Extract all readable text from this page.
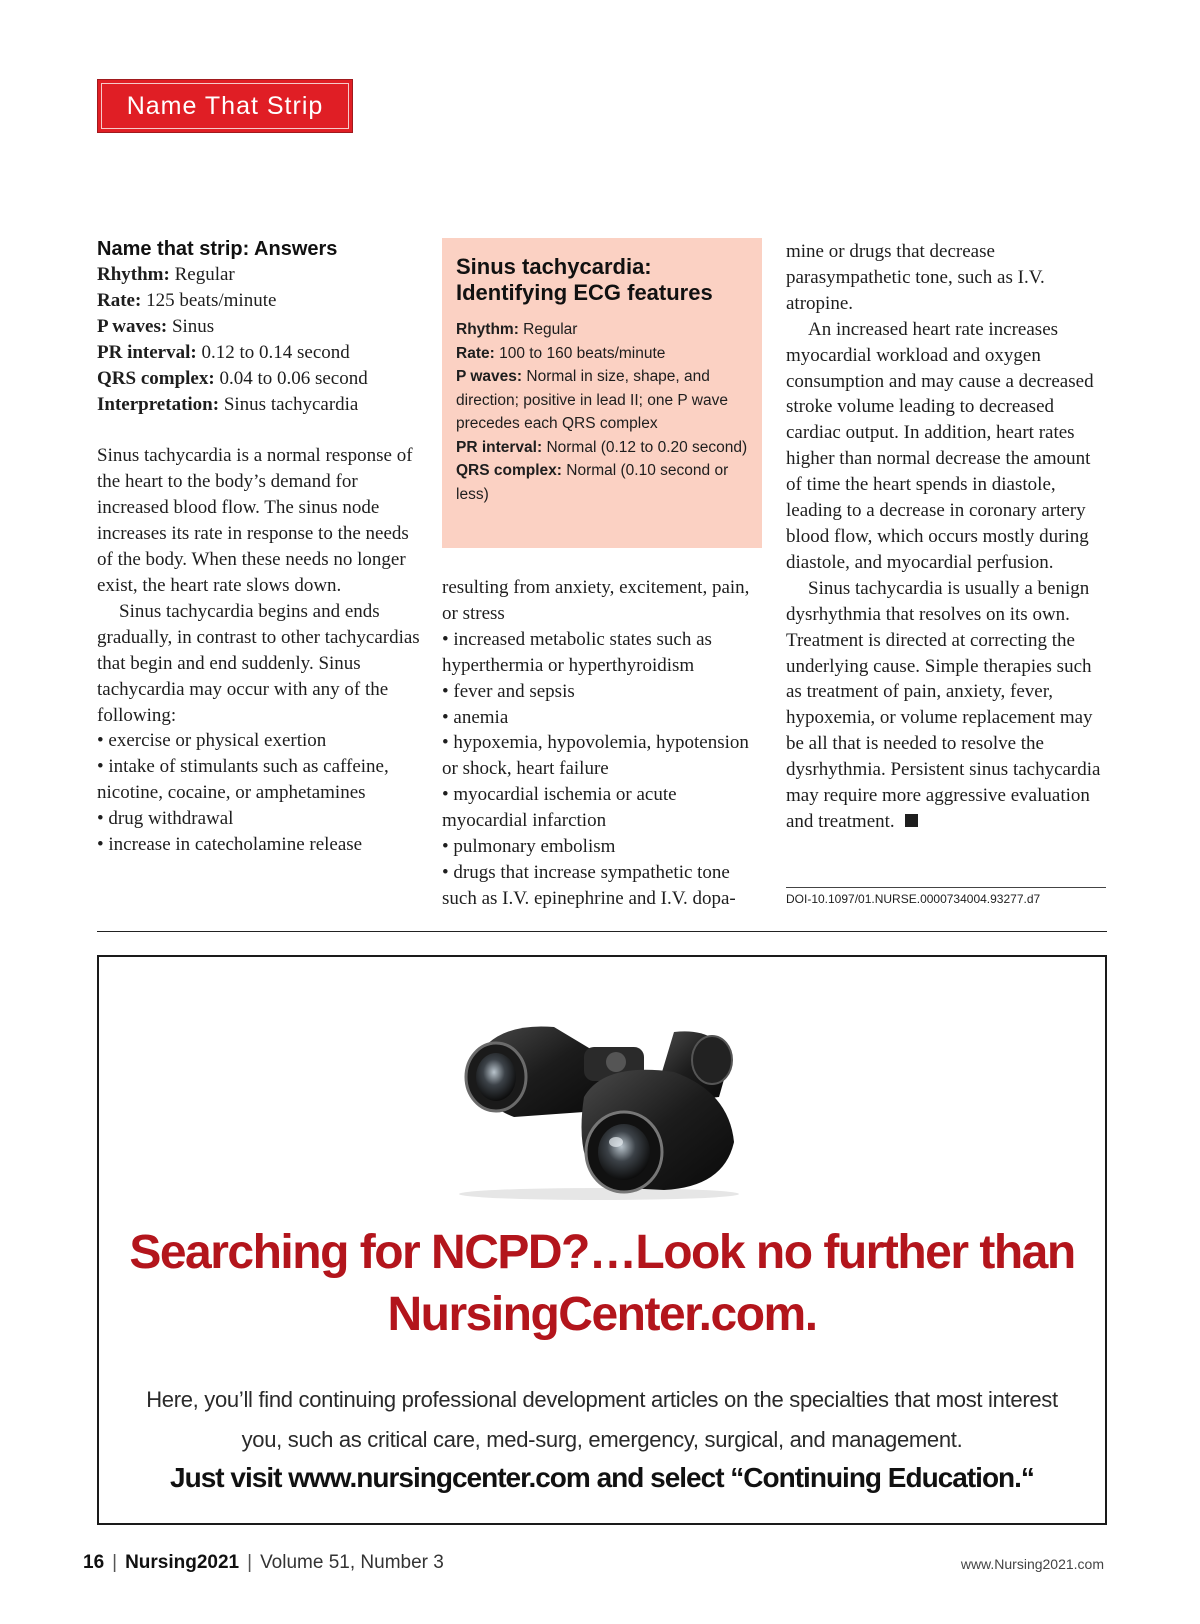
Name That Strip

Name that strip: Answers

Rhythm: Regular

Rate: 125 beats/minute

P waves: Sinus

PR interval: 0.12 to 0.14 second

QRS complex: 0.04 to 0.06 second

Interpretation: Sinus tachycardia

Sinus tachycardia is a normal response of the heart to the body’s demand for increased blood flow. The sinus node increases its rate in response to the needs of the body. When these needs no longer exist, the heart rate slows down.

Sinus tachycardia begins and ends gradually, in contrast to other tachycardias that begin and end suddenly. Sinus tachycardia may occur with any of the following:

• exercise or physical exertion

• intake of stimulants such as caffeine, nicotine, cocaine, or amphetamines

• drug withdrawal

• increase in catecholamine release

Sinus tachycardia: Identifying ECG features

Rhythm: Regular

Rate: 100 to 160 beats/minute

P waves: Normal in size, shape, and direction; positive in lead II; one P wave precedes each QRS complex

PR interval: Normal (0.12 to 0.20 second)

QRS complex: Normal (0.10 second or less)

resulting from anxiety, excitement, pain, or stress

• increased metabolic states such as hyperthermia or hyperthyroidism

• fever and sepsis

• anemia

• hypoxemia, hypovolemia, hypotension or shock, heart failure

• myocardial ischemia or acute myocardial infarction

• pulmonary embolism

• drugs that increase sympathetic tone such as I.V. epinephrine and I.V. dopa-

mine or drugs that decrease parasympathetic tone, such as I.V. atropine.

An increased heart rate increases myocardial workload and oxygen consumption and may cause a decreased stroke volume leading to decreased cardiac output. In addition, heart rates higher than normal decrease the amount of time the heart spends in diastole, leading to a decrease in coronary artery blood flow, which occurs mostly during diastole, and myocardial perfusion.

Sinus tachycardia is usually a benign dysrhythmia that resolves on its own. Treatment is directed at correcting the underlying cause. Simple therapies such as treatment of pain, anxiety, fever, hypoxemia, or volume replacement may be all that is needed to resolve the dysrhythmia. Persistent sinus tachycardia may require more aggressive evaluation and treatment.

DOI-10.1097/01.NURSE.0000734004.93277.d7
Searching for NCPD?…Look no further than
NursingCenter.com.
Here, you’ll find continuing professional development articles on the specialties that most interest
you, such as critical care, med-surg, emergency, surgical, and management.
Just visit www.nursingcenter.com and select “Continuing Education.“
16 | Nursing2021 | Volume 51, Number 3	www.Nursing2021.com
